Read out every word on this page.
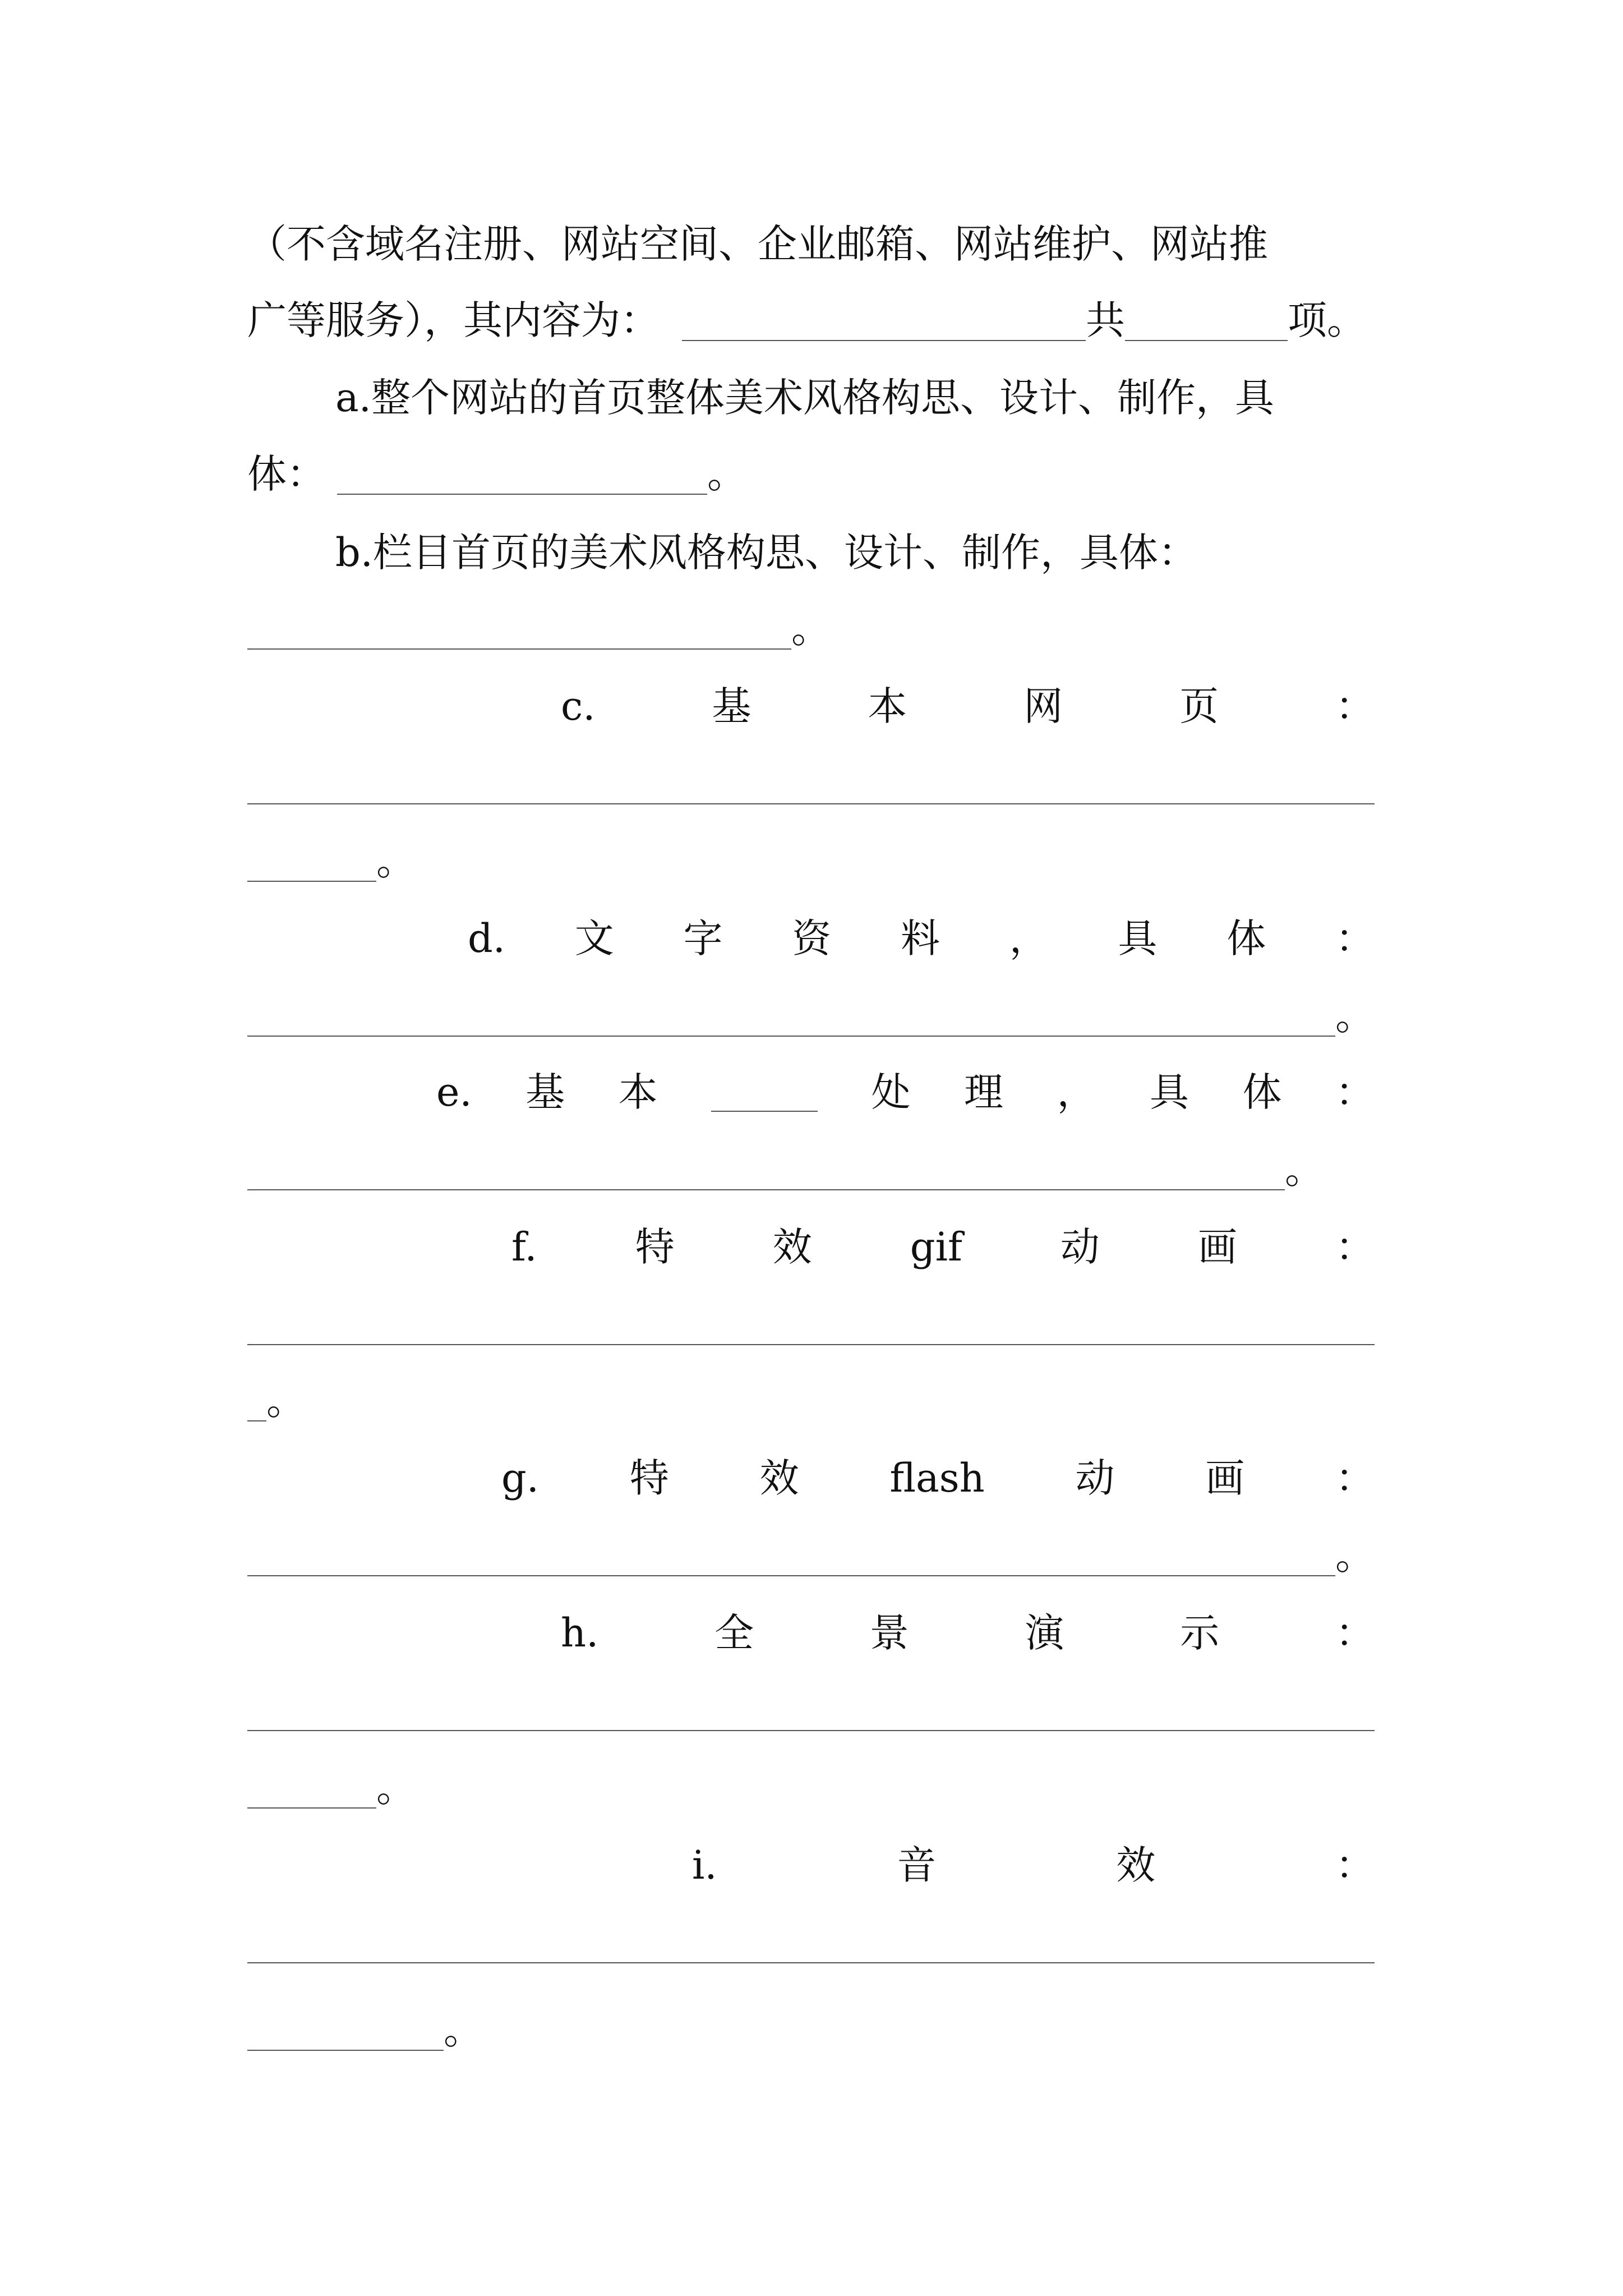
（不含域名注册、网站空间、企业邮箱、网站维护、网站推
广等服务），其内容为：	共	项。
a.整个网站的首页整体美术风格构思、设计、制作，具
体：	。
b.栏目首页的美术风格构思、设计、制作，具体：
。
c.	基	本	网	页	：
。
d. 文 字 资 料 ， 具 体 ：
。
e. 基 本	处 理 ， 具 体 ：
。
f.	特	效	gif	动	画	：
。
g. 特 效 flash 动 画 ：
。
h.	全	景	演	示	：
。
i.	音	效	：
。
